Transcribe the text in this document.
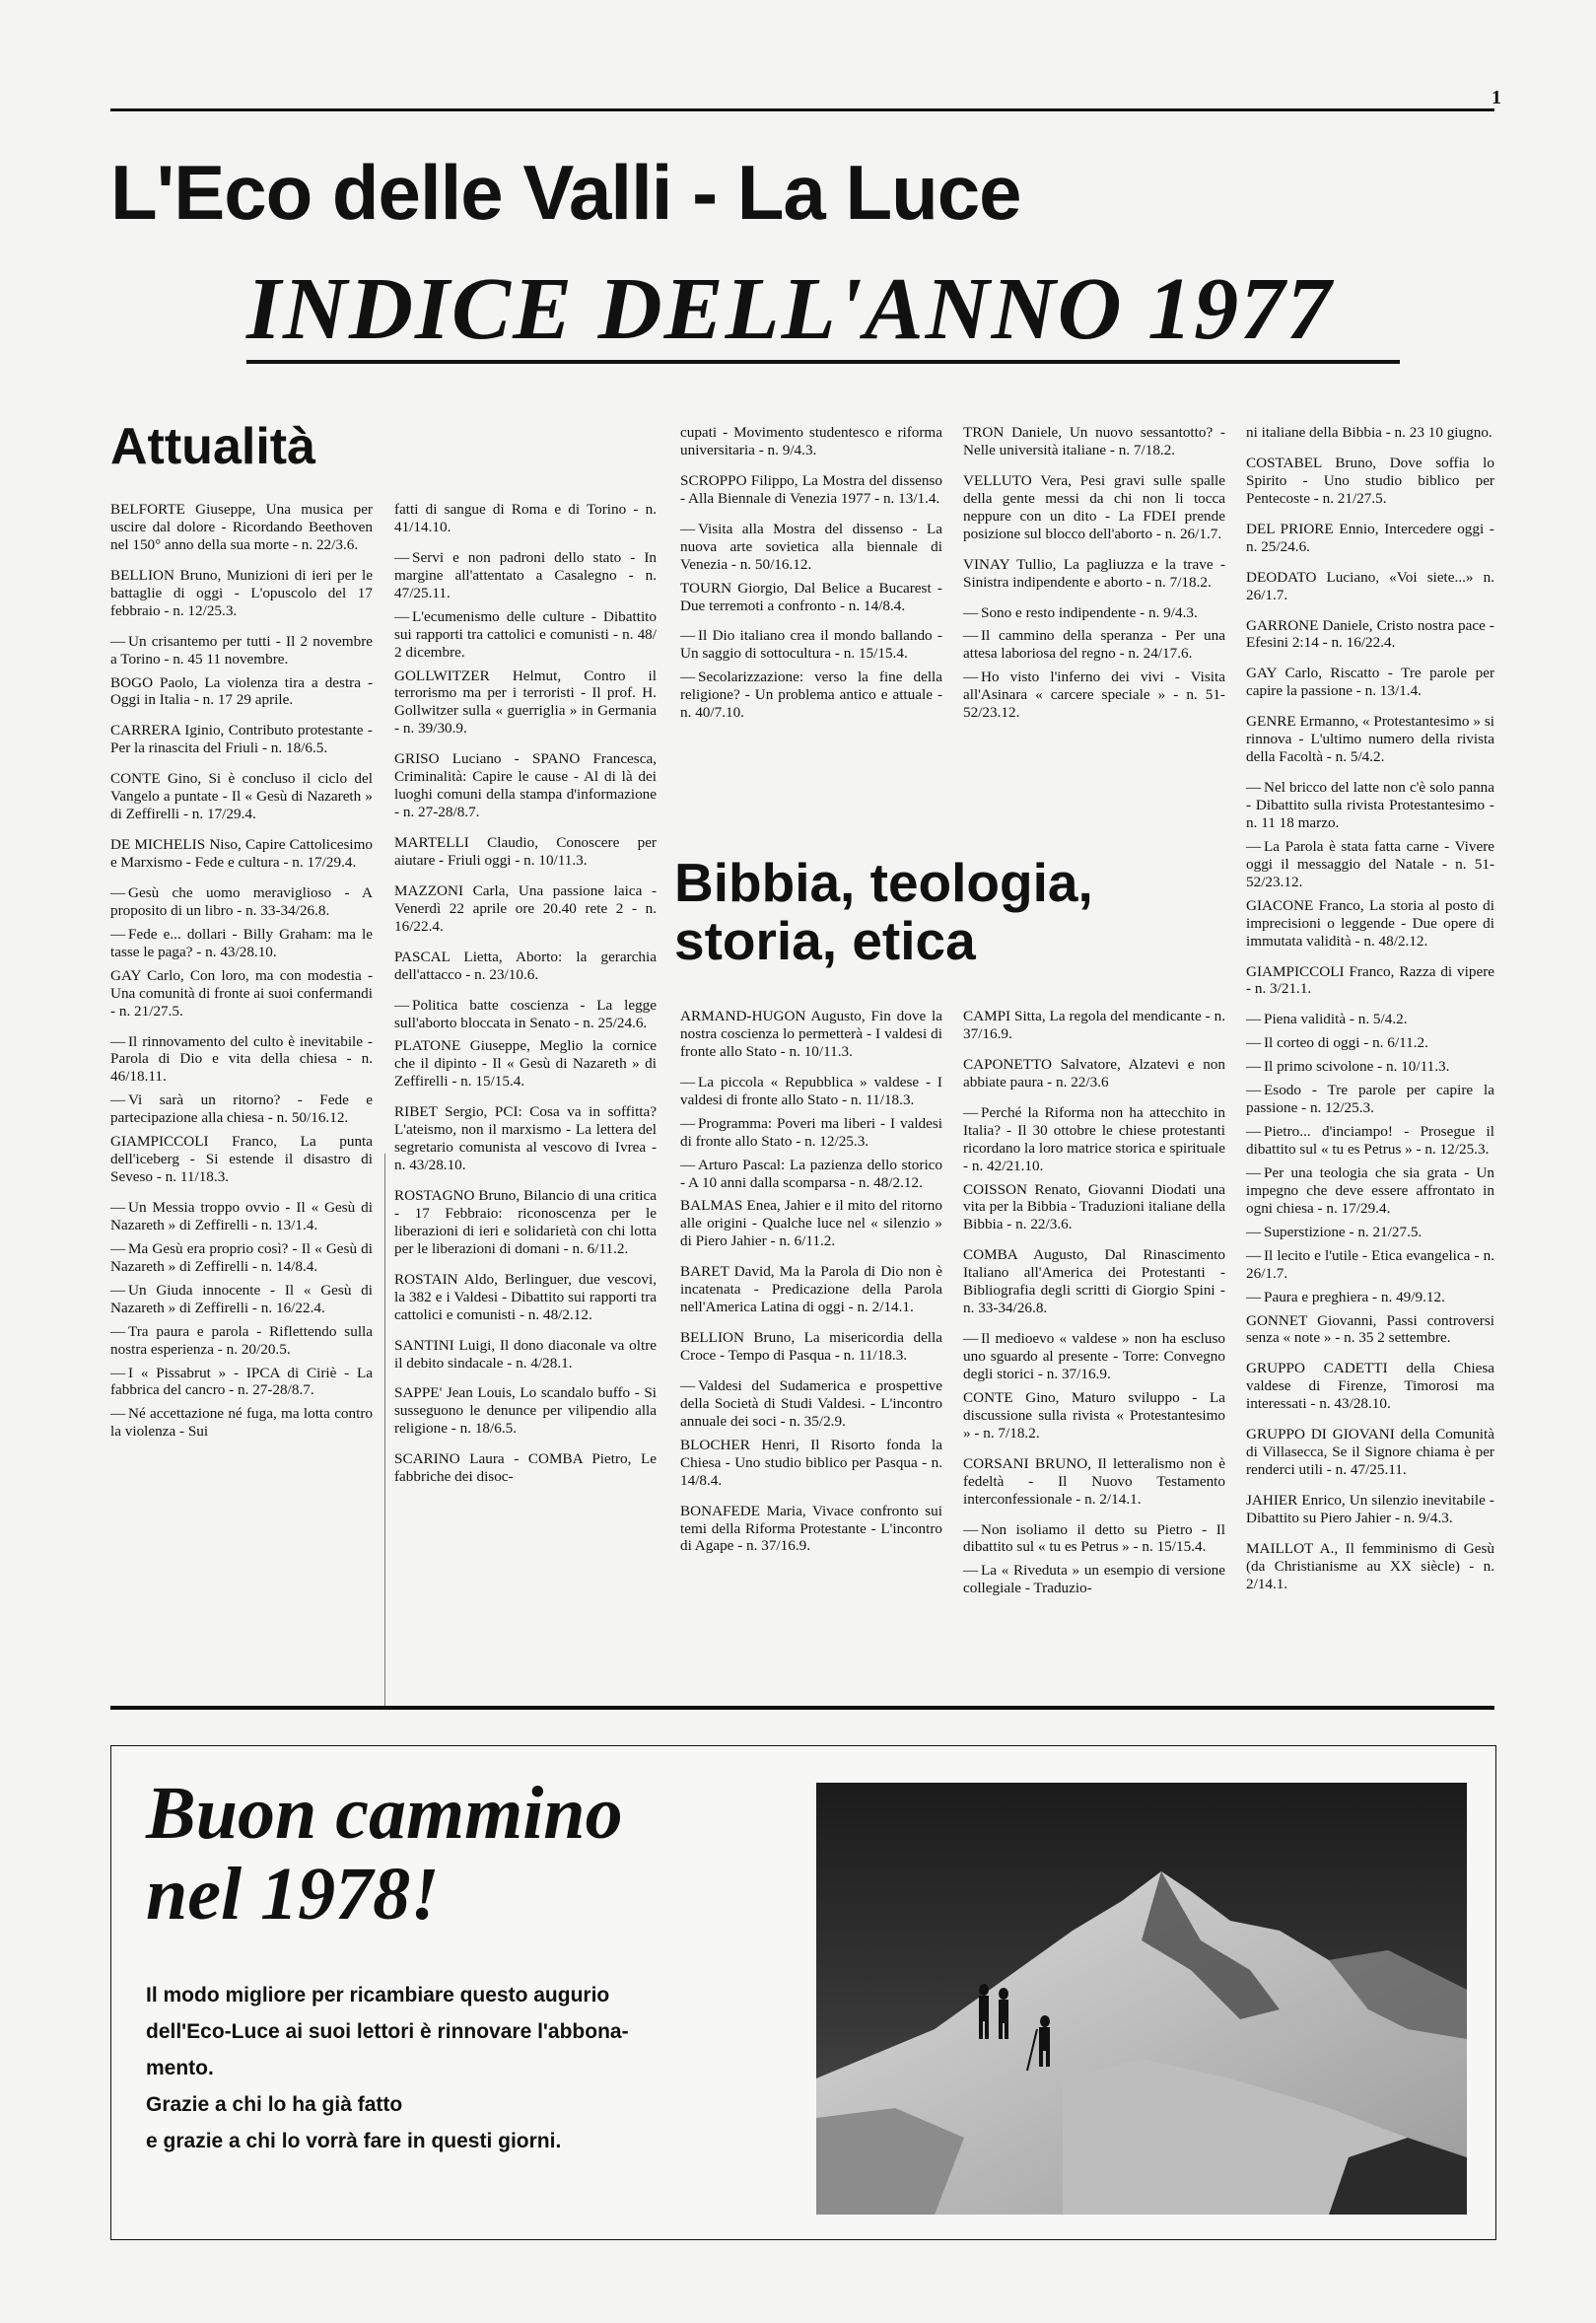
1
L'Eco delle Valli - La Luce
INDICE DELL'ANNO 1977
Attualità
Bibbia, teologia, storia, etica

BELFORTE Giuseppe, Una musica per uscire dal dolore - Ricordando Beethoven nel 150° anno della sua morte - n. 22/3.6.

BELLION Bruno, Munizioni di ieri per le battaglie di oggi - L'opuscolo del 17 febbraio - n. 12/25.3.

— Un crisantemo per tutti - Il 2 novembre a Torino - n. 45 11 novembre.

BOGO Paolo, La violenza tira a destra - Oggi in Italia - n. 17 29 aprile.

CARRERA Iginio, Contributo protestante - Per la rinascita del Friuli - n. 18/6.5.

CONTE Gino, Si è concluso il ciclo del Vangelo a puntate - Il « Gesù di Nazareth » di Zeffirelli - n. 17/29.4.

DE MICHELIS Niso, Capire Cattolicesimo e Marxismo - Fede e cultura - n. 17/29.4.

— Gesù che uomo meraviglioso - A proposito di un libro - n. 33-34/26.8.

— Fede e... dollari - Billy Graham: ma le tasse le paga? - n. 43/28.10.

GAY Carlo, Con loro, ma con modestia - Una comunità di fronte ai suoi confermandi - n. 21/27.5.

— Il rinnovamento del culto è inevitabile - Parola di Dio e vita della chiesa - n. 46/18.11.

— Vi sarà un ritorno? - Fede e partecipazione alla chiesa - n. 50/16.12.

GIAMPICCOLI Franco, La punta dell'iceberg - Si estende il disastro di Seveso - n. 11/18.3.

— Un Messia troppo ovvio - Il « Gesù di Nazareth » di Zeffirelli - n. 13/1.4.

— Ma Gesù era proprio così? - Il « Gesù di Nazareth » di Zeffirelli - n. 14/8.4.

— Un Giuda innocente - Il « Gesù di Nazareth » di Zeffirelli - n. 16/22.4.

— Tra paura e parola - Riflettendo sulla nostra esperienza - n. 20/20.5.

— I « Pissabrut » - IPCA di Ciriè - La fabbrica del cancro - n. 27-28/8.7.

— Né accettazione né fuga, ma lotta contro la violenza - Sui

fatti di sangue di Roma e di Torino - n. 41/14.10.

— Servi e non padroni dello stato - In margine all'attentato a Casalegno - n. 47/25.11.

— L'ecumenismo delle culture - Dibattito sui rapporti tra cattolici e comunisti - n. 48/ 2 dicembre.

GOLLWITZER Helmut, Contro il terrorismo ma per i terroristi - Il prof. H. Gollwitzer sulla « guerriglia » in Germania - n. 39/30.9.

GRISO Luciano - SPANO Francesca, Criminalità: Capire le cause - Al di là dei luoghi comuni della stampa d'informazione - n. 27-28/8.7.

MARTELLI Claudio, Conoscere per aiutare - Friuli oggi - n. 10/11.3.

MAZZONI Carla, Una passione laica - Venerdì 22 aprile ore 20.40 rete 2 - n. 16/22.4.

PASCAL Lietta, Aborto: la gerarchia dell'attacco - n. 23/10.6.

— Politica batte coscienza - La legge sull'aborto bloccata in Senato - n. 25/24.6.

PLATONE Giuseppe, Meglio la cornice che il dipinto - Il « Gesù di Nazareth » di Zeffirelli - n. 15/15.4.

RIBET Sergio, PCI: Cosa va in soffitta? L'ateismo, non il marxismo - La lettera del segretario comunista al vescovo di Ivrea - n. 43/28.10.

ROSTAGNO Bruno, Bilancio di una critica - 17 Febbraio: riconoscenza per le liberazioni di ieri e solidarietà con chi lotta per le liberazioni di domani - n. 6/11.2.

ROSTAIN Aldo, Berlinguer, due vescovi, la 382 e i Valdesi - Dibattito sui rapporti tra cattolici e comunisti - n. 48/2.12.

SANTINI Luigi, Il dono diaconale va oltre il debito sindacale - n. 4/28.1.

SAPPE' Jean Louis, Lo scandalo buffo - Si susseguono le denunce per vilipendio alla religione - n. 18/6.5.

SCARINO Laura - COMBA Pietro, Le fabbriche dei disoc-

cupati - Movimento studentesco e riforma universitaria - n. 9/4.3.

SCROPPO Filippo, La Mostra del dissenso - Alla Biennale di Venezia 1977 - n. 13/1.4.

— Visita alla Mostra del dissenso - La nuova arte sovietica alla biennale di Venezia - n. 50/16.12.

TOURN Giorgio, Dal Belice a Bucarest - Due terremoti a confronto - n. 14/8.4.

— Il Dio italiano crea il mondo ballando - Un saggio di sottocultura - n. 15/15.4.

— Secolarizzazione: verso la fine della religione? - Un problema antico e attuale - n. 40/7.10.

TRON Daniele, Un nuovo sessantotto? - Nelle università italiane - n. 7/18.2.

VELLUTO Vera, Pesi gravi sulle spalle della gente messi da chi non li tocca neppure con un dito - La FDEI prende posizione sul blocco dell'aborto - n. 26/1.7.

VINAY Tullio, La pagliuzza e la trave - Sinistra indipendente e aborto - n. 7/18.2.

— Sono e resto indipendente - n. 9/4.3.

— Il cammino della speranza - Per una attesa laboriosa del regno - n. 24/17.6.

— Ho visto l'inferno dei vivi - Visita all'Asinara « carcere speciale » - n. 51-52/23.12.

ni italiane della Bibbia - n. 23 10 giugno.

COSTABEL Bruno, Dove soffia lo Spirito - Uno studio biblico per Pentecoste - n. 21/27.5.

DEL PRIORE Ennio, Intercedere oggi - n. 25/24.6.

DEODATO Luciano, «Voi siete...» n. 26/1.7.

GARRONE Daniele, Cristo nostra pace - Efesini 2:14 - n. 16/22.4.

GAY Carlo, Riscatto - Tre parole per capire la passione - n. 13/1.4.

GENRE Ermanno, « Protestantesimo » si rinnova - L'ultimo numero della rivista della Facoltà - n. 5/4.2.

— Nel bricco del latte non c'è solo panna - Dibattito sulla rivista Protestantesimo - n. 11 18 marzo.

— La Parola è stata fatta carne - Vivere oggi il messaggio del Natale - n. 51-52/23.12.

GIACONE Franco, La storia al posto di imprecisioni o leggende - Due opere di immutata validità - n. 48/2.12.

GIAMPICCOLI Franco, Razza di vipere - n. 3/21.1.

— Piena validità - n. 5/4.2.

— Il corteo di oggi - n. 6/11.2.

— Il primo scivolone - n. 10/11.3.

— Esodo - Tre parole per capire la passione - n. 12/25.3.

— Pietro... d'inciampo! - Prosegue il dibattito sul « tu es Petrus » - n. 12/25.3.

— Per una teologia che sia grata - Un impegno che deve essere affrontato in ogni chiesa - n. 17/29.4.

— Superstizione - n. 21/27.5.

— Il lecito e l'utile - Etica evangelica - n. 26/1.7.

— Paura e preghiera - n. 49/9.12.

GONNET Giovanni, Passi controversi senza « note » - n. 35 2 settembre.

GRUPPO CADETTI della Chiesa valdese di Firenze, Timorosi ma interessati - n. 43/28.10.

GRUPPO DI GIOVANI della Comunità di Villasecca, Se il Signore chiama è per renderci utili - n. 47/25.11.

JAHIER Enrico, Un silenzio inevitabile - Dibattito su Piero Jahier - n. 9/4.3.

MAILLOT A., Il femminismo di Gesù (da Christianisme au XX siècle) - n. 2/14.1.

ARMAND-HUGON Augusto, Fin dove la nostra coscienza lo permetterà - I valdesi di fronte allo Stato - n. 10/11.3.

— La piccola « Repubblica » valdese - I valdesi di fronte allo Stato - n. 11/18.3.

— Programma: Poveri ma liberi - I valdesi di fronte allo Stato - n. 12/25.3.

— Arturo Pascal: La pazienza dello storico - A 10 anni dalla scomparsa - n. 48/2.12.

BALMAS Enea, Jahier e il mito del ritorno alle origini - Qualche luce nel « silenzio » di Piero Jahier - n. 6/11.2.

BARET David, Ma la Parola di Dio non è incatenata - Predicazione della Parola nell'America Latina di oggi - n. 2/14.1.

BELLION Bruno, La misericordia della Croce - Tempo di Pasqua - n. 11/18.3.

— Valdesi del Sudamerica e prospettive della Società di Studi Valdesi. - L'incontro annuale dei soci - n. 35/2.9.

BLOCHER Henri, Il Risorto fonda la Chiesa - Uno studio biblico per Pasqua - n. 14/8.4.

BONAFEDE Maria, Vivace confronto sui temi della Riforma Protestante - L'incontro di Agape - n. 37/16.9.

CAMPI Sitta, La regola del mendicante - n. 37/16.9.

CAPONETTO Salvatore, Alzatevi e non abbiate paura - n. 22/3.6

— Perché la Riforma non ha attecchito in Italia? - Il 30 ottobre le chiese protestanti ricordano la loro matrice storica e spirituale - n. 42/21.10.

COISSON Renato, Giovanni Diodati una vita per la Bibbia - Traduzioni italiane della Bibbia - n. 22/3.6.

COMBA Augusto, Dal Rinascimento Italiano all'America dei Protestanti - Bibliografia degli scritti di Giorgio Spini - n. 33-34/26.8.

— Il medioevo « valdese » non ha escluso uno sguardo al presente - Torre: Convegno degli storici - n. 37/16.9.

CONTE Gino, Maturo sviluppo - La discussione sulla rivista « Protestantesimo » - n. 7/18.2.

CORSANI BRUNO, Il letteralismo non è fedeltà - Il Nuovo Testamento interconfessionale - n. 2/14.1.

— Non isoliamo il detto su Pietro - Il dibattito sul « tu es Petrus » - n. 15/15.4.

— La « Riveduta » un esempio di versione collegiale - Traduzio-

Buon cammino nel 1978!

Il modo migliore per ricambiare questo augurio

dell'Eco-Luce ai suoi lettori è rinnovare l'abbona-

mento.

Grazie a chi lo ha già fatto

e grazie a chi lo vorrà fare in questi giorni.
